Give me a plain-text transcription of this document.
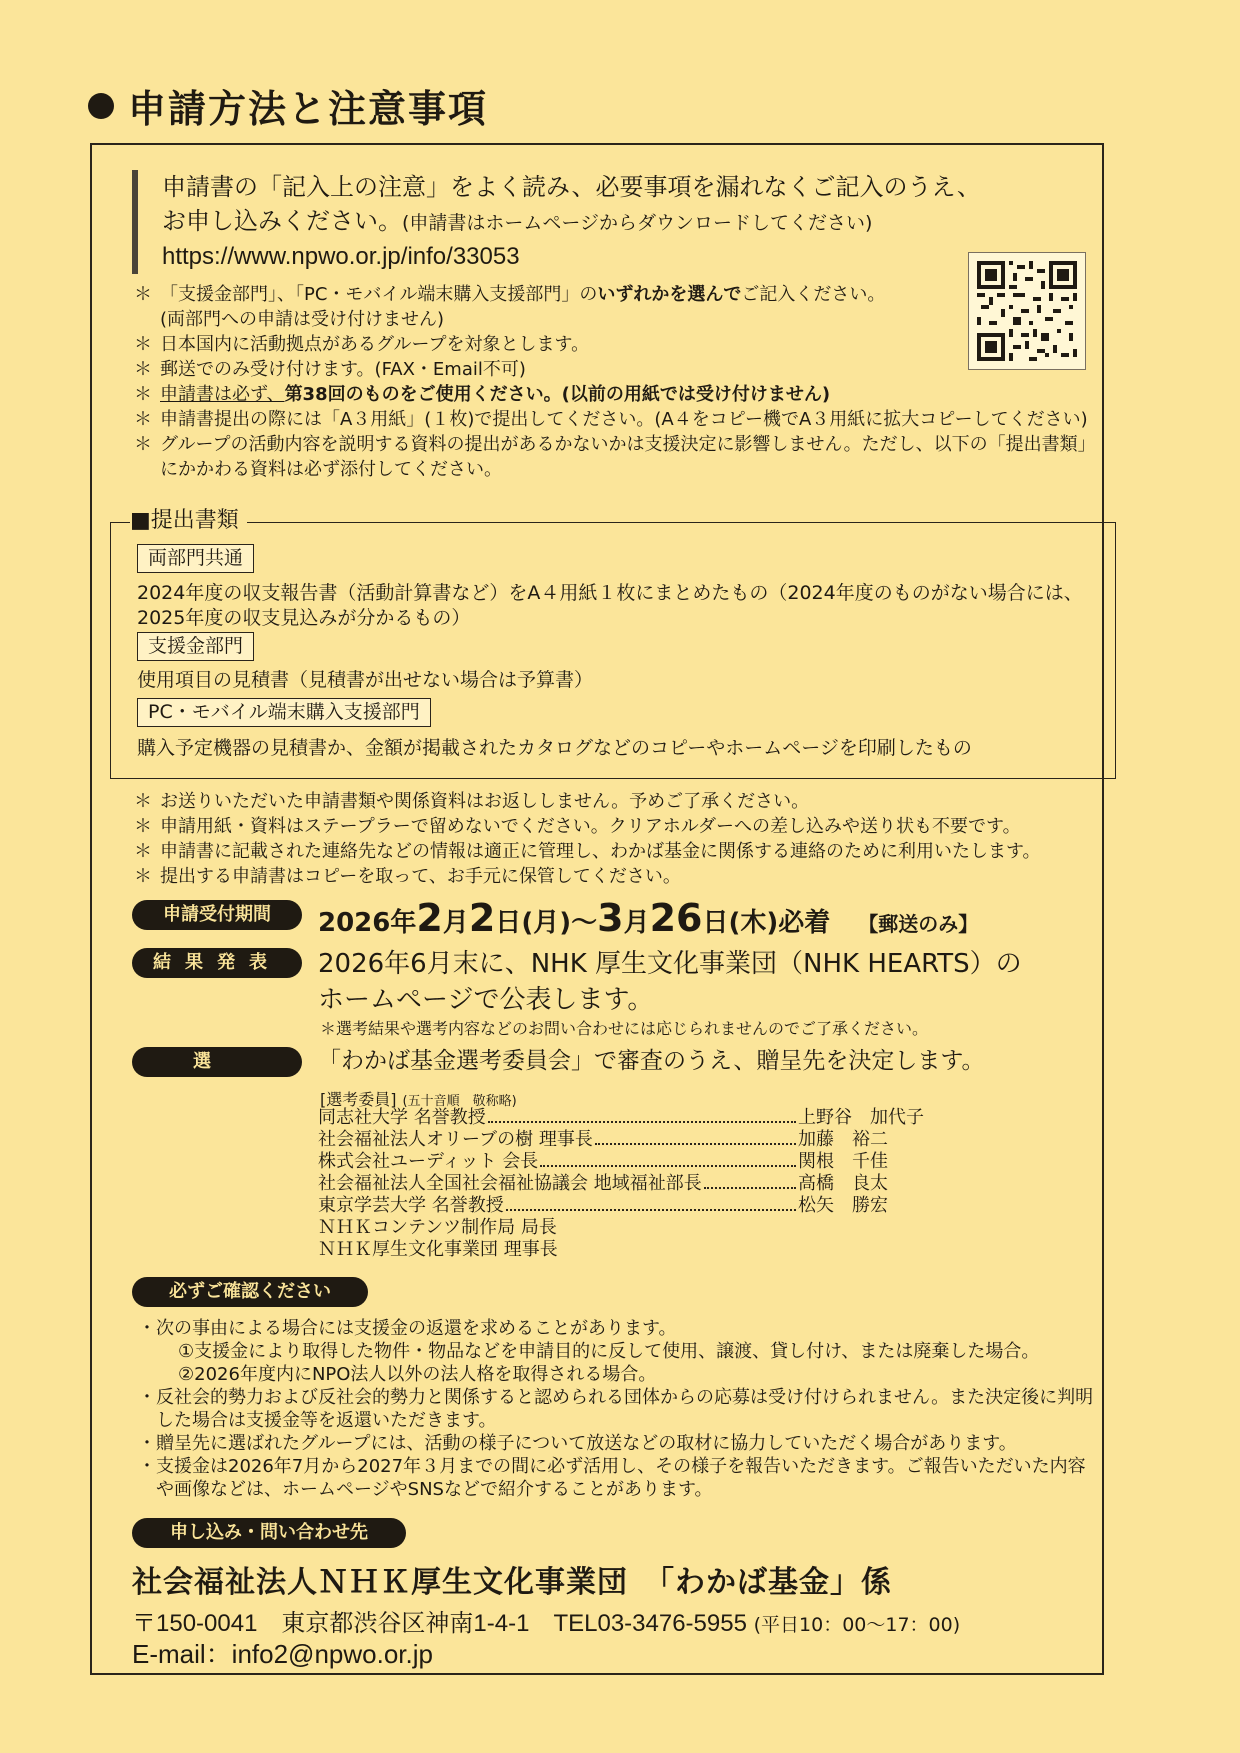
申請方法と注意事項
申請書の「記入上の注意」をよく読み、必要事項を漏れなくご記入のうえ、
お申し込みください。(申請書はホームページからダウンロードしてください)
https://www.npwo.or.jp/info/33053
＊ 「支援金部門」、「PC・モバイル端末購入支援部門」のいずれかを選んでご記入ください。
(両部門への申請は受け付けません)
＊ 日本国内に活動拠点があるグループを対象とします。
＊ 郵送でのみ受け付けます。(FAX・Email不可)
＊ 申請書は必ず、第38回のものをご使用ください。(以前の用紙では受け付けません)
＊ 申請書提出の際には「A３用紙」(１枚)で提出してください。(A４をコピー機でA３用紙に拡大コピーしてください)
＊ グループの活動内容を説明する資料の提出があるかないかは支援決定に影響しません。ただし、以下の「提出書類」にかかわる資料は必ず添付してください。
■提出書類
両部門共通
2024年度の収支報告書（活動計算書など）をA４用紙１枚にまとめたもの（2024年度のものがない場合には、2025年度の収支見込みが分かるもの）
支援金部門
使用項目の見積書（見積書が出せない場合は予算書）
PC・モバイル端末購入支援部門
購入予定機器の見積書か、金額が掲載されたカタログなどのコピーやホームページを印刷したもの
＊ お送りいただいた申請書類や関係資料はお返ししません。予めご了承ください。
＊ 申請用紙・資料はステープラーで留めないでください。クリアホルダーへの差し込みや送り状も不要です。
＊ 申請書に記載された連絡先などの情報は適正に管理し、わかば基金に関係する連絡のために利用いたします。
＊ 提出する申請書はコピーを取って、お手元に保管してください。
申請受付期間	2026年2月2日(月)〜3月26日(木)必着 【郵送のみ】
結果発表	2026年6月末に、NHK 厚生文化事業団（NHK HEARTS）の
ホームページで公表します。
＊選考結果や選考内容などのお問い合わせには応じられませんのでご了承ください。
選考
「わかば基金選考委員会」で審査のうえ、贈呈先を決定します。
[選考委員] (五十音順　敬称略)
同志社大学 名誉教授	上野谷　加代子
社会福祉法人オリーブの樹 理事長	加藤　裕二
株式会社ユーディット 会長	関根　千佳
社会福祉法人全国社会福祉協議会 地域福祉部長	高橋　良太
東京学芸大学 名誉教授	松矢　勝宏
ＮＨＫコンテンツ制作局 局長
ＮＨＫ厚生文化事業団 理事長
必ずご確認ください
・ 次の事由による場合には支援金の返還を求めることがあります。
①支援金により取得した物件・物品などを申請目的に反して使用、譲渡、貸し付け、または廃棄した場合。
②2026年度内にNPO法人以外の法人格を取得される場合。
・ 反社会的勢力および反社会的勢力と関係すると認められる団体からの応募は受け付けられません。また決定後に判明した場合は支援金等を返還いただきます。
・ 贈呈先に選ばれたグループには、活動の様子について放送などの取材に協力していただく場合があります。
・ 支援金は2026年7月から2027年３月までの間に必ず活用し、その様子を報告いただきます。ご報告いただいた内容や画像などは、ホームページやSNSなどで紹介することがあります。
申し込み・問い合わせ先
社会福祉法人ＮＨＫ厚生文化事業団　「わかば基金」係
〒150-0041　東京都渋谷区神南1-4-1　TEL03-3476-5955 (平日10：00〜17：00)
E-mail：info2@npwo.or.jp
